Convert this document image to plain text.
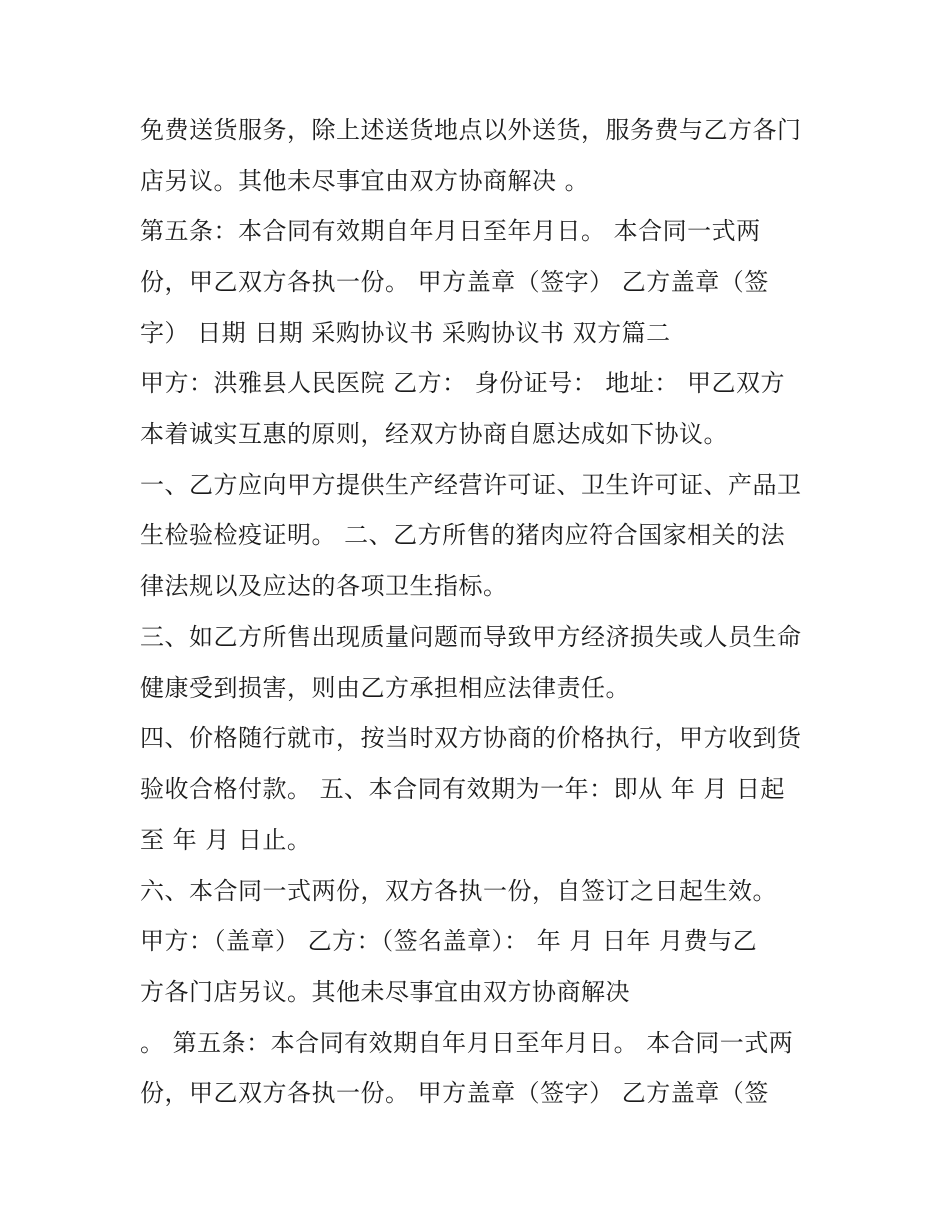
免费送货服务，除上述送货地点以外送货，服务费与乙方各门
店另议。其他未尽事宜由双方协商解决 。
第五条：本合同有效期自年月日至年月日。 本合同一式两
份，甲乙双方各执一份。 甲方盖章（签字） 乙方盖章（签
字） 日期 日期 采购协议书 采购协议书 双方篇二
甲方：洪雅县人民医院 乙方： 身份证号： 地址： 甲乙双方
本着诚实互惠的原则，经双方协商自愿达成如下协议。
一、乙方应向甲方提供生产经营许可证、卫生许可证、产品卫
生检验检疫证明。 二、乙方所售的猪肉应符合国家相关的法
律法规以及应达的各项卫生指标。
三、如乙方所售出现质量问题而导致甲方经济损失或人员生命
健康受到损害，则由乙方承担相应法律责任。
四、价格随行就市，按当时双方协商的价格执行，甲方收到货
验收合格付款。 五、本合同有效期为一年：即从 年 月 日起
至 年 月 日止。
六、本合同一式两份，双方各执一份，自签订之日起生效。
甲方：（盖章） 乙方：（签名盖章）： 年 月 日年 月费与乙
方各门店另议。其他未尽事宜由双方协商解决
。 第五条：本合同有效期自年月日至年月日。 本合同一式两
份，甲乙双方各执一份。 甲方盖章（签字） 乙方盖章（签
